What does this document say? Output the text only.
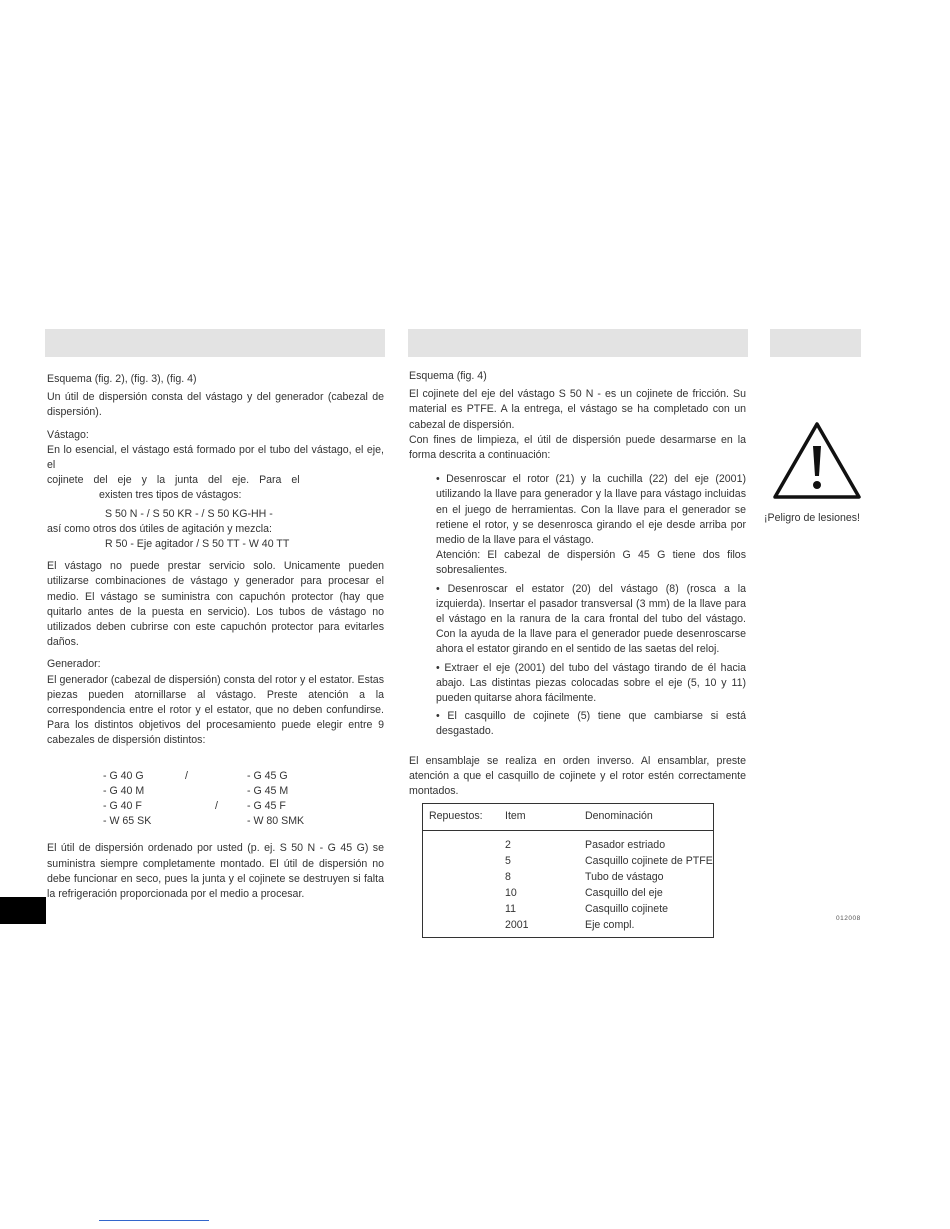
Esquema (fig. 2), (fig. 3), (fig. 4)

Un útil de dispersión consta del vástago y del generador (cabezal de dispersión).

Vástago:

En lo esencial, el vástago está formado por el tubo del vástago, el eje, el

cojinete del eje y la junta del eje. Para el

existen tres tipos de vástagos:

S 50 N - / S 50 KR - / S 50 KG-HH -

así como otros dos útiles de agitación y mezcla:

R 50 - Eje agitador / S 50 TT - W 40 TT

El vástago no puede prestar servicio solo. Unicamente pueden utilizarse combinaciones de vástago y generador para procesar el medio. El vástago se suministra con capuchón protector (hay que quitarlo antes de la puesta en servicio). Los tubos de vástago no utilizados deben cubrirse con este capuchón protector para evitarles daños.

Generador:

El generador (cabezal de dispersión) consta del rotor y el estator. Estas piezas pueden atornillarse al vástago. Preste atención a la correspondencia entre el rotor y el estator, que no deben confundirse. Para los distintos objetivos del procesamiento puede elegir entre 9 cabezales de dispersión distintos:

- G 40 G	- G 45 G
/
- G 40 M	- G 45 M
- G 40 F	- G 45 F
/
- W 65 SK	- W 80 SMK

El útil de dispersión ordenado por usted (p. ej. S 50 N - G 45 G) se suministra siempre completamente montado. El útil de dispersión no debe funcionar en seco, pues la junta y el cojinete se destruyen si falta la refrigeración proporcionada por el medio a procesar.

Esquema (fig. 4)

El cojinete del eje del vástago S 50 N - es un cojinete de fricción. Su material es PTFE. A la entrega, el vástago se ha completado con un cabezal de dispersión.

Con fines de limpieza, el útil de dispersión puede desarmarse en la forma descrita a continuación:

• Desenroscar el rotor (21) y la cuchilla (22) del eje (2001) utilizando la llave para generador y la llave para vástago incluidas en el juego de herramientas. Con la llave para el generador se retiene el rotor, y se desenrosca girando el eje desde arriba por medio de la llave para el vástago.

Atención: El cabezal de dispersión G 45 G tiene dos filos sobresalientes.

• Desenroscar el estator (20) del vástago (8) (rosca a la izquierda). Insertar el pasador transversal (3 mm) de la llave para el vástago en la ranura de la cara frontal del tubo del vástago. Con la ayuda de la llave para el generador puede desenroscarse ahora el estator girando en el sentido de las saetas del reloj.

• Extraer el eje (2001) del tubo del vástago tirando de él hacia abajo. Las distintas piezas colocadas sobre el eje (5, 10 y 11) pueden quitarse ahora fácilmente.

• El casquillo de cojinete (5) tiene que cambiarse si está desgastado.

El ensamblaje se realiza en orden inverso. Al ensamblar, preste atención a que el casquillo de cojinete y el rotor estén correctamente montados.

Repuestos:	Item	Denominación
	2	Pasador estriado
	5	Casquillo cojinete de PTFE
	8	Tubo de vástago
	10	Casquillo del eje
	11	Casquillo cojinete
	2001	Eje compl.
¡Peligro de lesiones!
012008
